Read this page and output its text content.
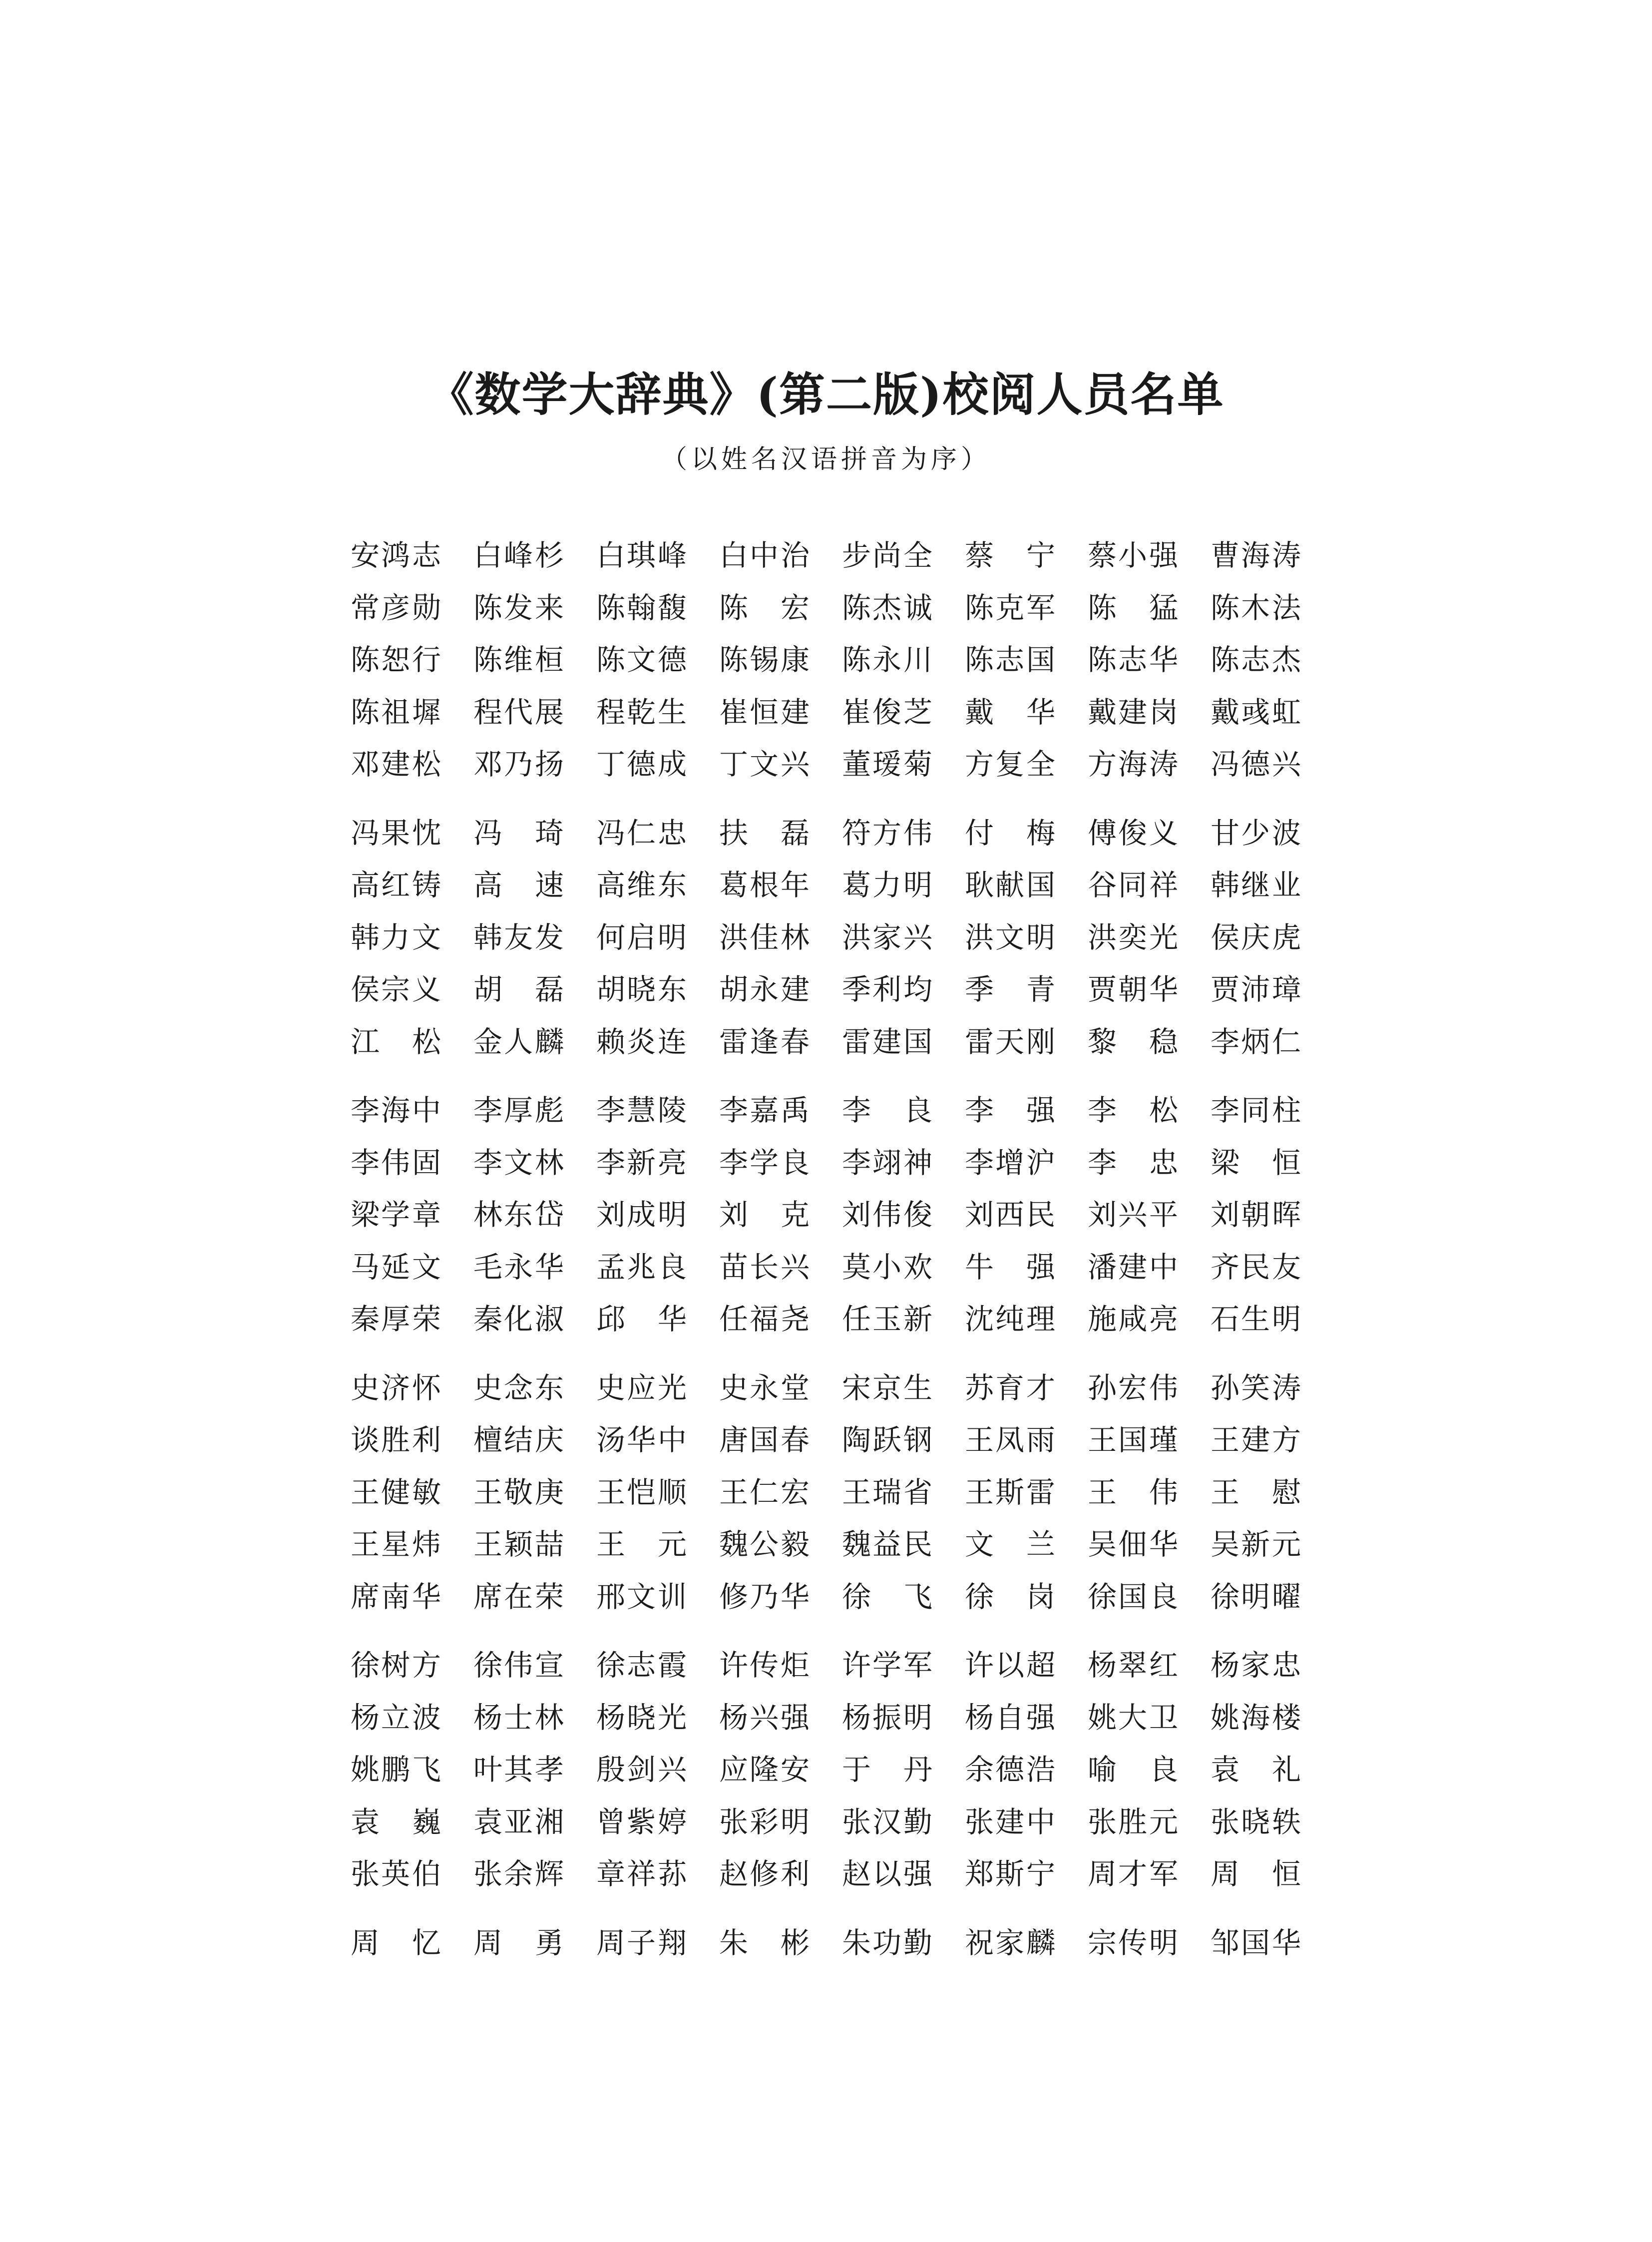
《数学大辞典》(第二版)校阅人员名单
（以姓名汉语拼音为序）
安 鸿 志 白 峰 杉 白 琪 峰 白 中 治 步 尚 全 蔡 宁 蔡 小 强 曹 海 涛
常 彦 勋 陈 发 来 陈 翰 馥 陈 宏 陈 杰 诚 陈 克 军 陈 猛 陈 木 法
陈 恕 行 陈 维 桓 陈 文 德 陈 锡 康 陈 永 川 陈 志 国 陈 志 华 陈 志 杰
陈 祖 墀 程 代 展 程 乾 生 崔 恒 建 崔 俊 芝 戴 华 戴 建 岗 戴 彧 虹
邓 建 松 邓 乃 扬 丁 德 成 丁 文 兴 董 瑷 菊 方 复 全 方 海 涛 冯 德 兴
冯 果 忱 冯 琦 冯 仁 忠 扶 磊 符 方 伟 付 梅 傅 俊 义 甘 少 波
高 红 铸 高 速 高 维 东 葛 根 年 葛 力 明 耿 献 国 谷 同 祥 韩 继 业
韩 力 文 韩 友 发 何 启 明 洪 佳 林 洪 家 兴 洪 文 明 洪 奕 光 侯 庆 虎
侯 宗 义 胡 磊 胡 晓 东 胡 永 建 季 利 均 季 青 贾 朝 华 贾 沛 璋
江 松 金 人 麟 赖 炎 连 雷 逢 春 雷 建 国 雷 天 刚 黎 稳 李 炳 仁
李 海 中 李 厚 彪 李 慧 陵 李 嘉 禹 李 良 李 强 李 松 李 同 柱
李 伟 固 李 文 林 李 新 亮 李 学 良 李 翊 神 李 增 沪 李 忠 梁 恒
梁 学 章 林 东 岱 刘 成 明 刘 克 刘 伟 俊 刘 西 民 刘 兴 平 刘 朝 晖
马 延 文 毛 永 华 孟 兆 良 苗 长 兴 莫 小 欢 牛 强 潘 建 中 齐 民 友
秦 厚 荣 秦 化 淑 邱 华 任 福 尧 任 玉 新 沈 纯 理 施 咸 亮 石 生 明
史 济 怀 史 念 东 史 应 光 史 永 堂 宋 京 生 苏 育 才 孙 宏 伟 孙 笑 涛
谈 胜 利 檀 结 庆 汤 华 中 唐 国 春 陶 跃 钢 王 凤 雨 王 国 瑾 王 建 方
王 健 敏 王 敬 庚 王 恺 顺 王 仁 宏 王 瑞 省 王 斯 雷 王 伟 王 慰
王 星 炜 王 颖 喆 王 元 魏 公 毅 魏 益 民 文 兰 吴 佃 华 吴 新 元
席 南 华 席 在 荣 邢 文 训 修 乃 华 徐 飞 徐 岗 徐 国 良 徐 明 曜
徐 树 方 徐 伟 宣 徐 志 霞 许 传 炬 许 学 军 许 以 超 杨 翠 红 杨 家 忠
杨 立 波 杨 士 林 杨 晓 光 杨 兴 强 杨 振 明 杨 自 强 姚 大 卫 姚 海 楼
姚 鹏 飞 叶 其 孝 殷 剑 兴 应 隆 安 于 丹 余 德 浩 喻 良 袁 礼
袁 巍 袁 亚 湘 曾 紫 婷 张 彩 明 张 汉 勤 张 建 中 张 胜 元 张 晓 轶
张 英 伯 张 余 辉 章 祥 荪 赵 修 利 赵 以 强 郑 斯 宁 周 才 军 周 恒
周 忆 周 勇 周 子 翔 朱 彬 朱 功 勤 祝 家 麟 宗 传 明 邹 国 华
